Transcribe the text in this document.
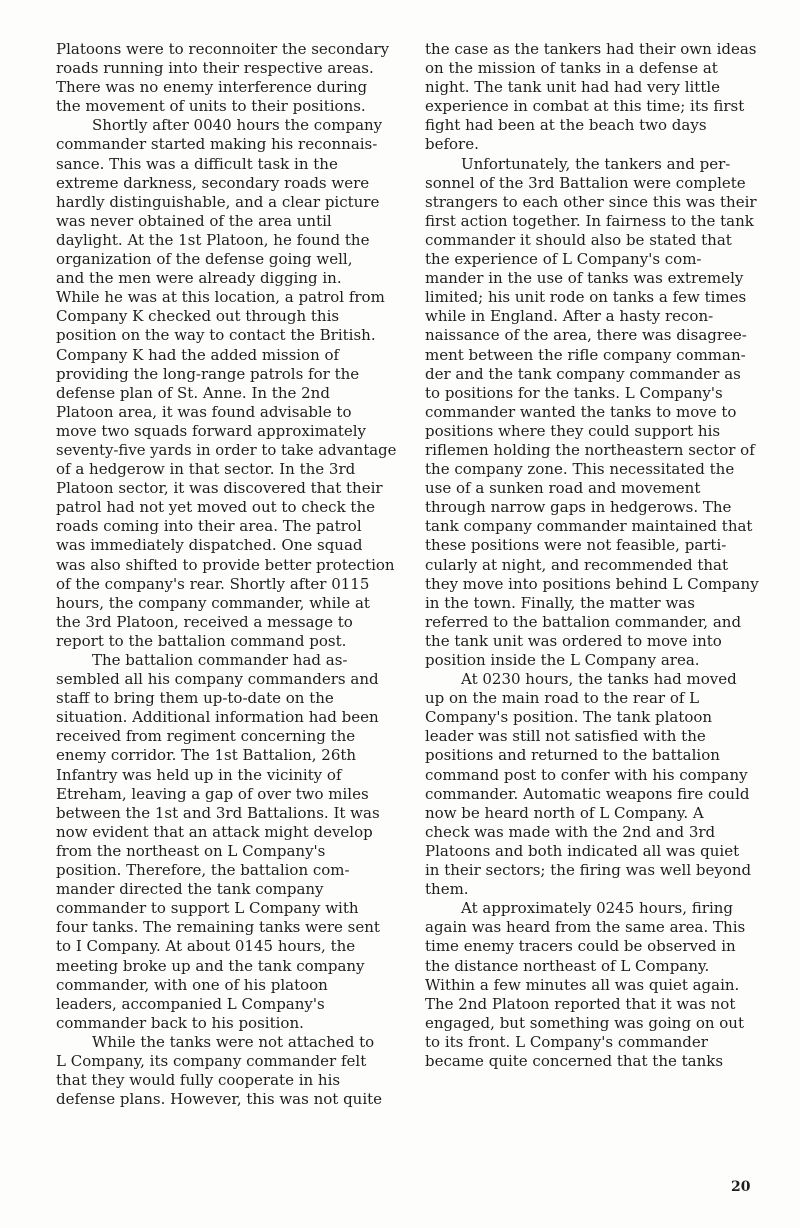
Platoons were to reconnoiter the secondary
roads running into their respective areas.
There was no enemy interference during
the movement of units to their positions.
Shortly after 0040 hours the company
commander started making his reconnais-
sance. This was a difficult task in the
extreme darkness, secondary roads were
hardly distinguishable, and a clear picture
was never obtained of the area until
daylight. At the 1st Platoon, he found the
organization of the defense going well,
and the men were already digging in.
While he was at this location, a patrol from
Company K checked out through this
position on the way to contact the British.
Company K had the added mission of
providing the long-range patrols for the
defense plan of St. Anne. In the 2nd
Platoon area, it was found advisable to
move two squads forward approximately
seventy-five yards in order to take advantage
of a hedgerow in that sector. In the 3rd
Platoon sector, it was discovered that their
patrol had not yet moved out to check the
roads coming into their area. The patrol
was immediately dispatched. One squad
was also shifted to provide better protection
of the company's rear. Shortly after 0115
hours, the company commander, while at
the 3rd Platoon, received a message to
report to the battalion command post.
The battalion commander had as-
sembled all his company commanders and
staff to bring them up-to-date on the
situation. Additional information had been
received from regiment concerning the
enemy corridor. The 1st Battalion, 26th
Infantry was held up in the vicinity of
Etreham, leaving a gap of over two miles
between the 1st and 3rd Battalions. It was
now evident that an attack might develop
from the northeast on L Company's
position. Therefore, the battalion com-
mander directed the tank company
commander to support L Company with
four tanks. The remaining tanks were sent
to I Company. At about 0145 hours, the
meeting broke up and the tank company
commander, with one of his platoon
leaders, accompanied L Company's
commander back to his position.
While the tanks were not attached to
L Company, its company commander felt
that they would fully cooperate in his
defense plans. However, this was not quite
the case as the tankers had their own ideas
on the mission of tanks in a defense at
night. The tank unit had had very little
experience in combat at this time; its first
fight had been at the beach two days
before.
Unfortunately, the tankers and per-
sonnel of the 3rd Battalion were complete
strangers to each other since this was their
first action together. In fairness to the tank
commander it should also be stated that
the experience of L Company's com-
mander in the use of tanks was extremely
limited; his unit rode on tanks a few times
while in England. After a hasty recon-
naissance of the area, there was disagree-
ment between the rifle company comman-
der and the tank company commander as
to positions for the tanks. L Company's
commander wanted the tanks to move to
positions where they could support his
riflemen holding the northeastern sector of
the company zone. This necessitated the
use of a sunken road and movement
through narrow gaps in hedgerows. The
tank company commander maintained that
these positions were not feasible, parti-
cularly at night, and recommended that
they move into positions behind L Company
in the town. Finally, the matter was
referred to the battalion commander, and
the tank unit was ordered to move into
position inside the L Company area.
At 0230 hours, the tanks had moved
up on the main road to the rear of L
Company's position. The tank platoon
leader was still not satisfied with the
positions and returned to the battalion
command post to confer with his company
commander. Automatic weapons fire could
now be heard north of L Company. A
check was made with the 2nd and 3rd
Platoons and both indicated all was quiet
in their sectors; the firing was well beyond
them.
At approximately 0245 hours, firing
again was heard from the same area. This
time enemy tracers could be observed in
the distance northeast of L Company.
Within a few minutes all was quiet again.
The 2nd Platoon reported that it was not
engaged, but something was going on out
to its front. L Company's commander
became quite concerned that the tanks
20
